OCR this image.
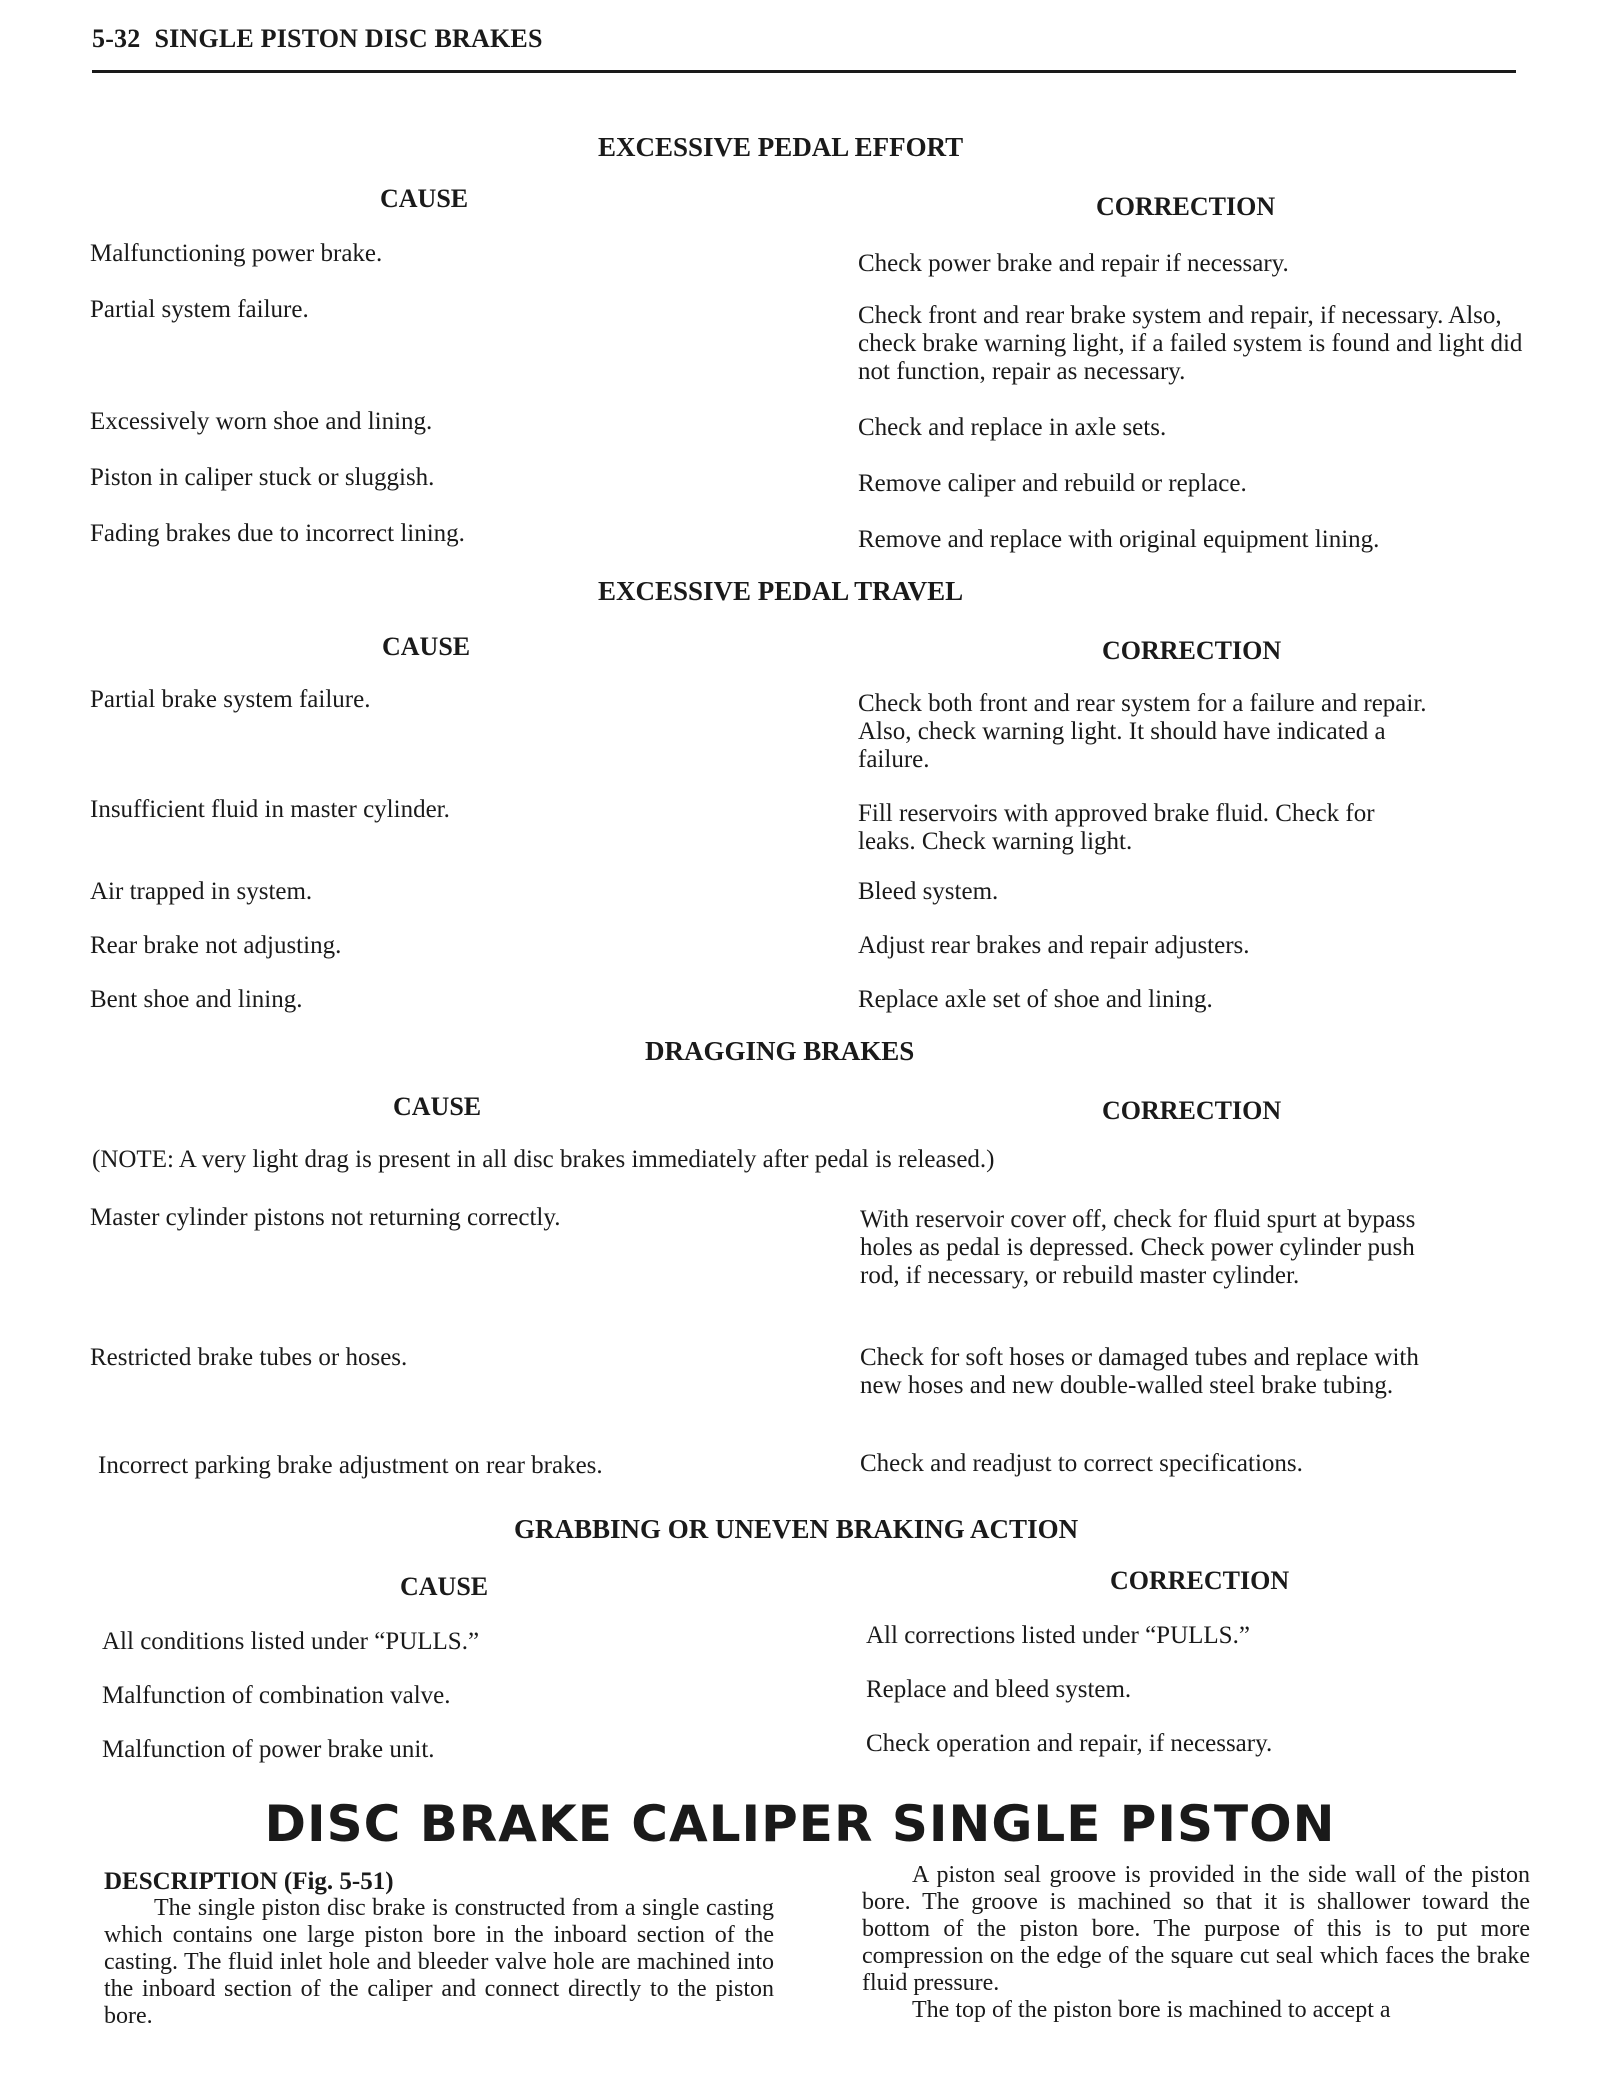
5-32 SINGLE PISTON DISC BRAKES
EXCESSIVE PEDAL EFFORT
CAUSE	CORRECTION
Malfunctioning power brake.	Check power brake and repair if necessary.
Partial system failure.	Check front and rear brake system and repair, if necessary. Also, check brake warning light, if a failed system is found and light did not function, repair as necessary.
Excessively worn shoe and lining.	Check and replace in axle sets.
Piston in caliper stuck or sluggish.	Remove caliper and rebuild or replace.
Fading brakes due to incorrect lining.	Remove and replace with original equipment lining.
EXCESSIVE PEDAL TRAVEL
CAUSE	CORRECTION
Partial brake system failure.	Check both front and rear system for a failure and repair. Also, check warning light. It should have indicated a failure.
Insufficient fluid in master cylinder.	Fill reservoirs with approved brake fluid. Check for leaks. Check warning light.
Air trapped in system.	Bleed system.
Rear brake not adjusting.	Adjust rear brakes and repair adjusters.
Bent shoe and lining.	Replace axle set of shoe and lining.
DRAGGING BRAKES
CAUSE	CORRECTION
(NOTE: A very light drag is present in all disc brakes immediately after pedal is released.)
Master cylinder pistons not returning correctly.	With reservoir cover off, check for fluid spurt at bypass holes as pedal is depressed. Check power cylinder push rod, if necessary, or rebuild master cylinder.
Restricted brake tubes or hoses.	Check for soft hoses or damaged tubes and replace with new hoses and new double-walled steel brake tubing.
Incorrect parking brake adjustment on rear brakes.	Check and readjust to correct specifications.
GRABBING OR UNEVEN BRAKING ACTION
CAUSE	CORRECTION
All conditions listed under “PULLS.”	All corrections listed under “PULLS.”
Malfunction of combination valve.	Replace and bleed system.
Malfunction of power brake unit.	Check operation and repair, if necessary.
DISC BRAKE CALIPER SINGLE PISTON
DESCRIPTION (Fig. 5-51)

The single piston disc brake is constructed from a single casting which contains one large piston bore in the inboard section of the casting. The fluid inlet hole and bleeder valve hole are machined into the inboard section of the caliper and connect directly to the piston bore.

A piston seal groove is provided in the side wall of the piston bore. The groove is machined so that it is shallower toward the bottom of the piston bore. The purpose of this is to put more compression on the edge of the square cut seal which faces the brake fluid pressure.

The top of the piston bore is machined to accept a
